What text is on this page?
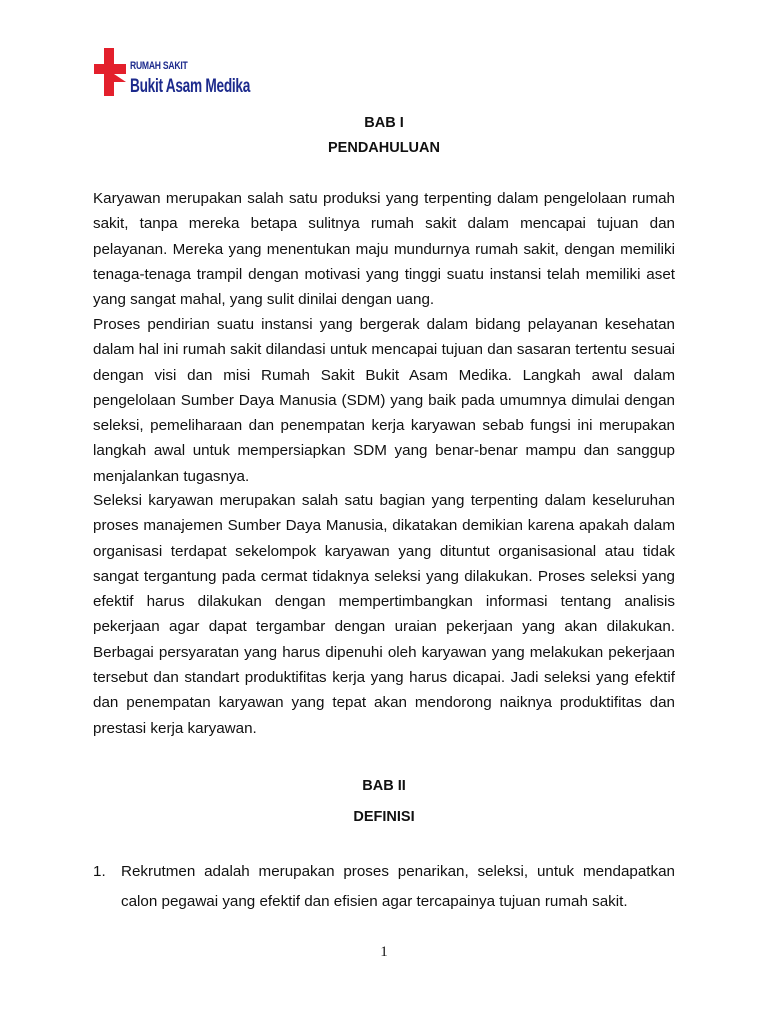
RUMAH SAKIT
Bukit Asam Medika
BAB I
PENDAHULUAN

Karyawan merupakan salah satu produksi yang terpenting dalam pengelolaan rumah sakit, tanpa mereka betapa sulitnya rumah sakit dalam mencapai tujuan dan pelayanan. Mereka yang menentukan maju mundurnya rumah sakit, dengan memiliki tenaga-tenaga trampil dengan motivasi yang tinggi suatu instansi telah memiliki aset yang sangat mahal, yang sulit dinilai dengan uang.

Proses pendirian suatu instansi yang bergerak dalam bidang pelayanan kesehatan dalam hal ini rumah sakit dilandasi untuk mencapai tujuan dan sasaran tertentu sesuai dengan visi dan misi Rumah Sakit Bukit Asam Medika. Langkah awal dalam pengelolaan Sumber Daya Manusia (SDM) yang baik pada umumnya dimulai dengan seleksi, pemeliharaan dan penempatan kerja karyawan sebab fungsi ini merupakan langkah awal untuk mempersiapkan SDM yang benar-benar mampu dan sanggup menjalankan tugasnya.

Seleksi karyawan merupakan salah satu bagian yang terpenting dalam keseluruhan proses manajemen Sumber Daya Manusia, dikatakan demikian karena apakah dalam organisasi terdapat sekelompok karyawan yang dituntut organisasional atau tidak sangat tergantung pada cermat tidaknya seleksi yang dilakukan. Proses seleksi yang efektif harus dilakukan dengan mempertimbangkan informasi tentang analisis pekerjaan agar dapat tergambar dengan uraian pekerjaan yang akan dilakukan. Berbagai persyaratan yang harus dipenuhi oleh karyawan yang melakukan pekerjaan tersebut dan standart produktifitas kerja yang harus dicapai. Jadi seleksi yang efektif dan penempatan karyawan yang tepat akan mendorong naiknya produktifitas dan prestasi kerja karyawan.

BAB II
DEFINISI
1. Rekrutmen adalah merupakan proses penarikan, seleksi, untuk mendapatkan calon pegawai yang efektif dan efisien agar tercapainya tujuan rumah sakit.
1
